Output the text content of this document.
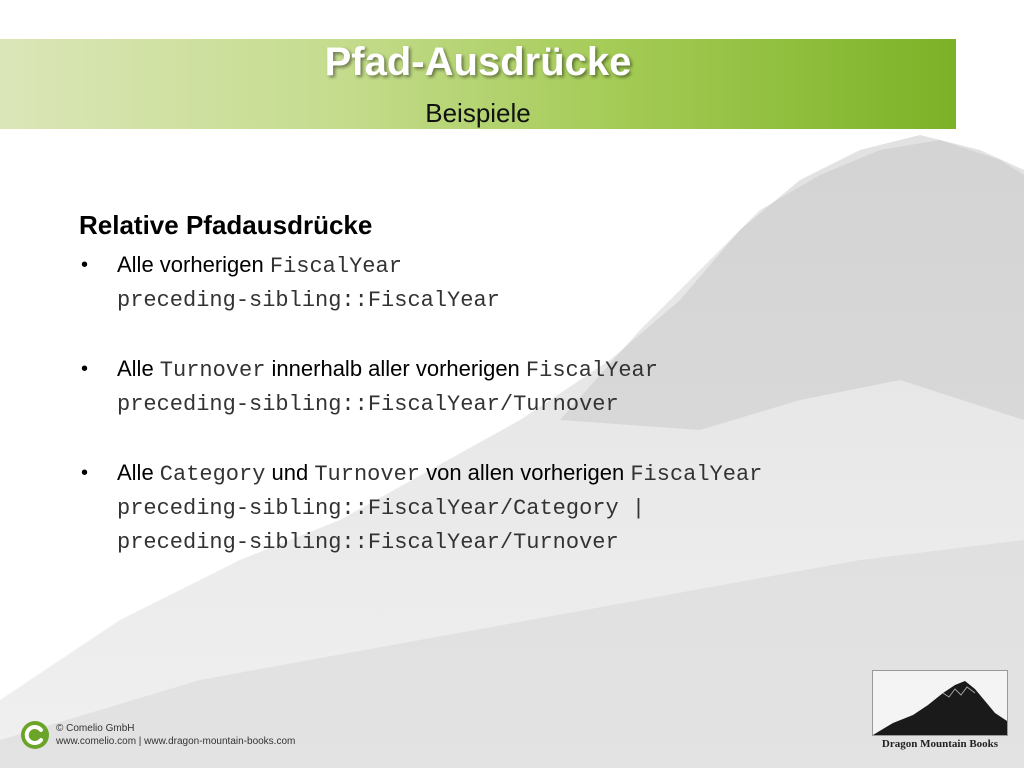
Pfad-Ausdrücke
Beispiele
Relative Pfadausdrücke
• Alle vorherigen FiscalYear
preceding-sibling::FiscalYear
• Alle Turnover innerhalb aller vorherigen FiscalYear
preceding-sibling::FiscalYear/Turnover
• Alle Category und Turnover von allen vorherigen FiscalYear
preceding-sibling::FiscalYear/Category |
preceding-sibling::FiscalYear/Turnover
© Comelio GmbH
www.comelio.com | www.dragon-mountain-books.com	Dragon Mountain Books
